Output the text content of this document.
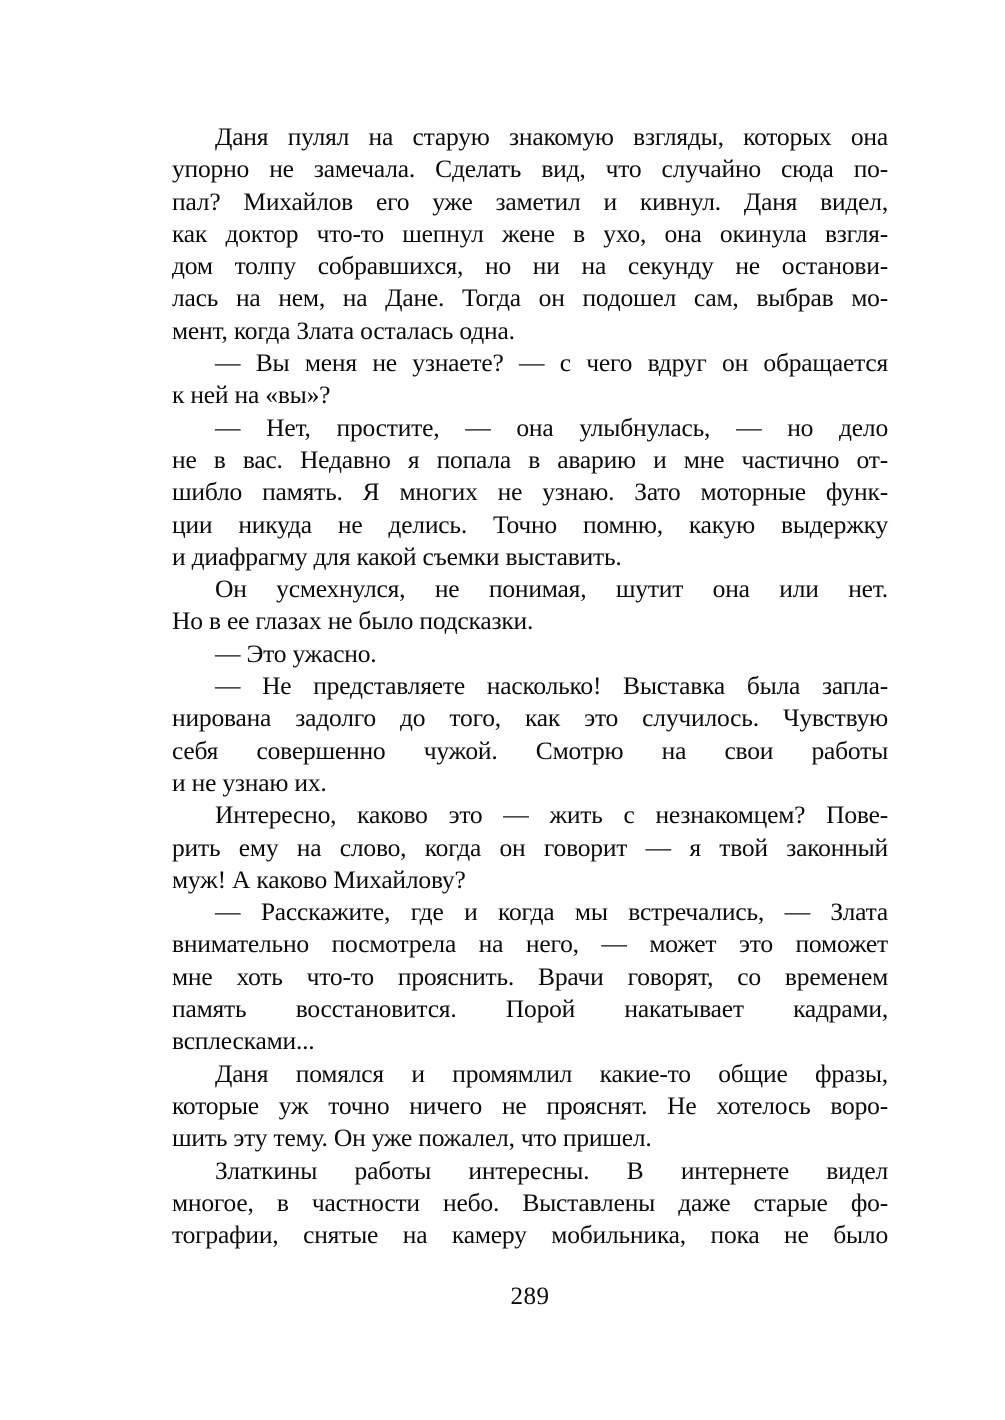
Даня пулял на старую знакомую взгляды, которых она
упорно не замечала. Сделать вид, что случайно сюда по-
пал? Михайлов его уже заметил и кивнул. Даня видел,
как доктор что-то шепнул жене в ухо, она окинула взгля-
дом толпу собравшихся, но ни на секунду не останови-
лась на нем, на Дане. Тогда он подошел сам, выбрав мо-
мент, когда Злата осталась одна.
— Вы меня не узнаете? — с чего вдруг он обращается
к ней на «вы»?
— Нет, простите, — она улыбнулась, — но дело
не в вас. Недавно я попала в аварию и мне частично от-
шибло память. Я многих не узнаю. Зато моторные функ-
ции никуда не делись. Точно помню, какую выдержку
и диафрагму для какой съемки выставить.
Он усмехнулся, не понимая, шутит она или нет.
Но в ее глазах не было подсказки.
— Это ужасно.
— Не представляете насколько! Выставка была запла-
нирована задолго до того, как это случилось. Чувствую
себя совершенно чужой. Смотрю на свои работы
и не узнаю их.
Интересно, каково это — жить с незнакомцем? Пове-
рить ему на слово, когда он говорит — я твой законный
муж! А каково Михайлову?
— Расскажите, где и когда мы встречались, — Злата
внимательно посмотрела на него, — может это поможет
мне хоть что-то прояснить. Врачи говорят, со временем
память восстановится. Порой накатывает кадрами,
всплесками...
Даня помялся и промямлил какие-то общие фразы,
которые уж точно ничего не прояснят. Не хотелось воро-
шить эту тему. Он уже пожалел, что пришел.
Златкины работы интересны. В интернете видел
многое, в частности небо. Выставлены даже старые фо-
тографии, снятые на камеру мобильника, пока не было
289
